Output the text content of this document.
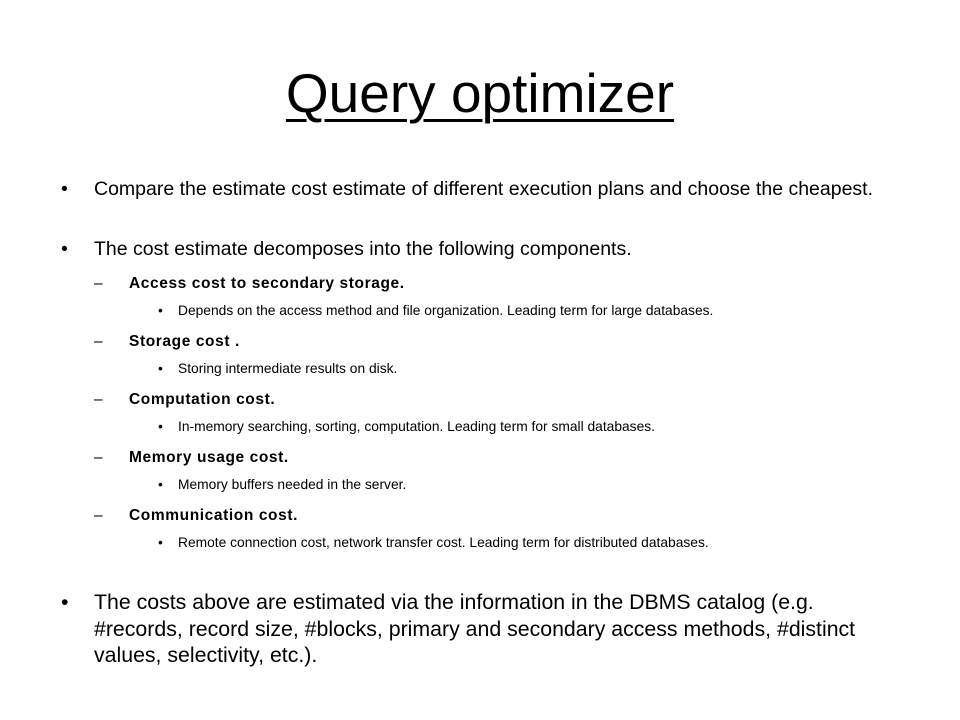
Query optimizer
• Compare the estimate cost estimate of different execution plans and choose the cheapest.
• The cost estimate decomposes into the following components.
– Access cost to secondary storage.
• Depends on the access method and file organization. Leading term for large databases.
– Storage cost .
• Storing intermediate results on disk.
– Computation cost.
• In-memory searching, sorting, computation. Leading term for small databases.
– Memory usage cost.
• Memory buffers needed in the server.
– Communication cost.
• Remote connection cost, network transfer cost. Leading term for distributed databases.
• The costs above are estimated via the information in the DBMS catalog (e.g. #records, record size, #blocks, primary and secondary access methods, #distinct values, selectivity, etc.).
